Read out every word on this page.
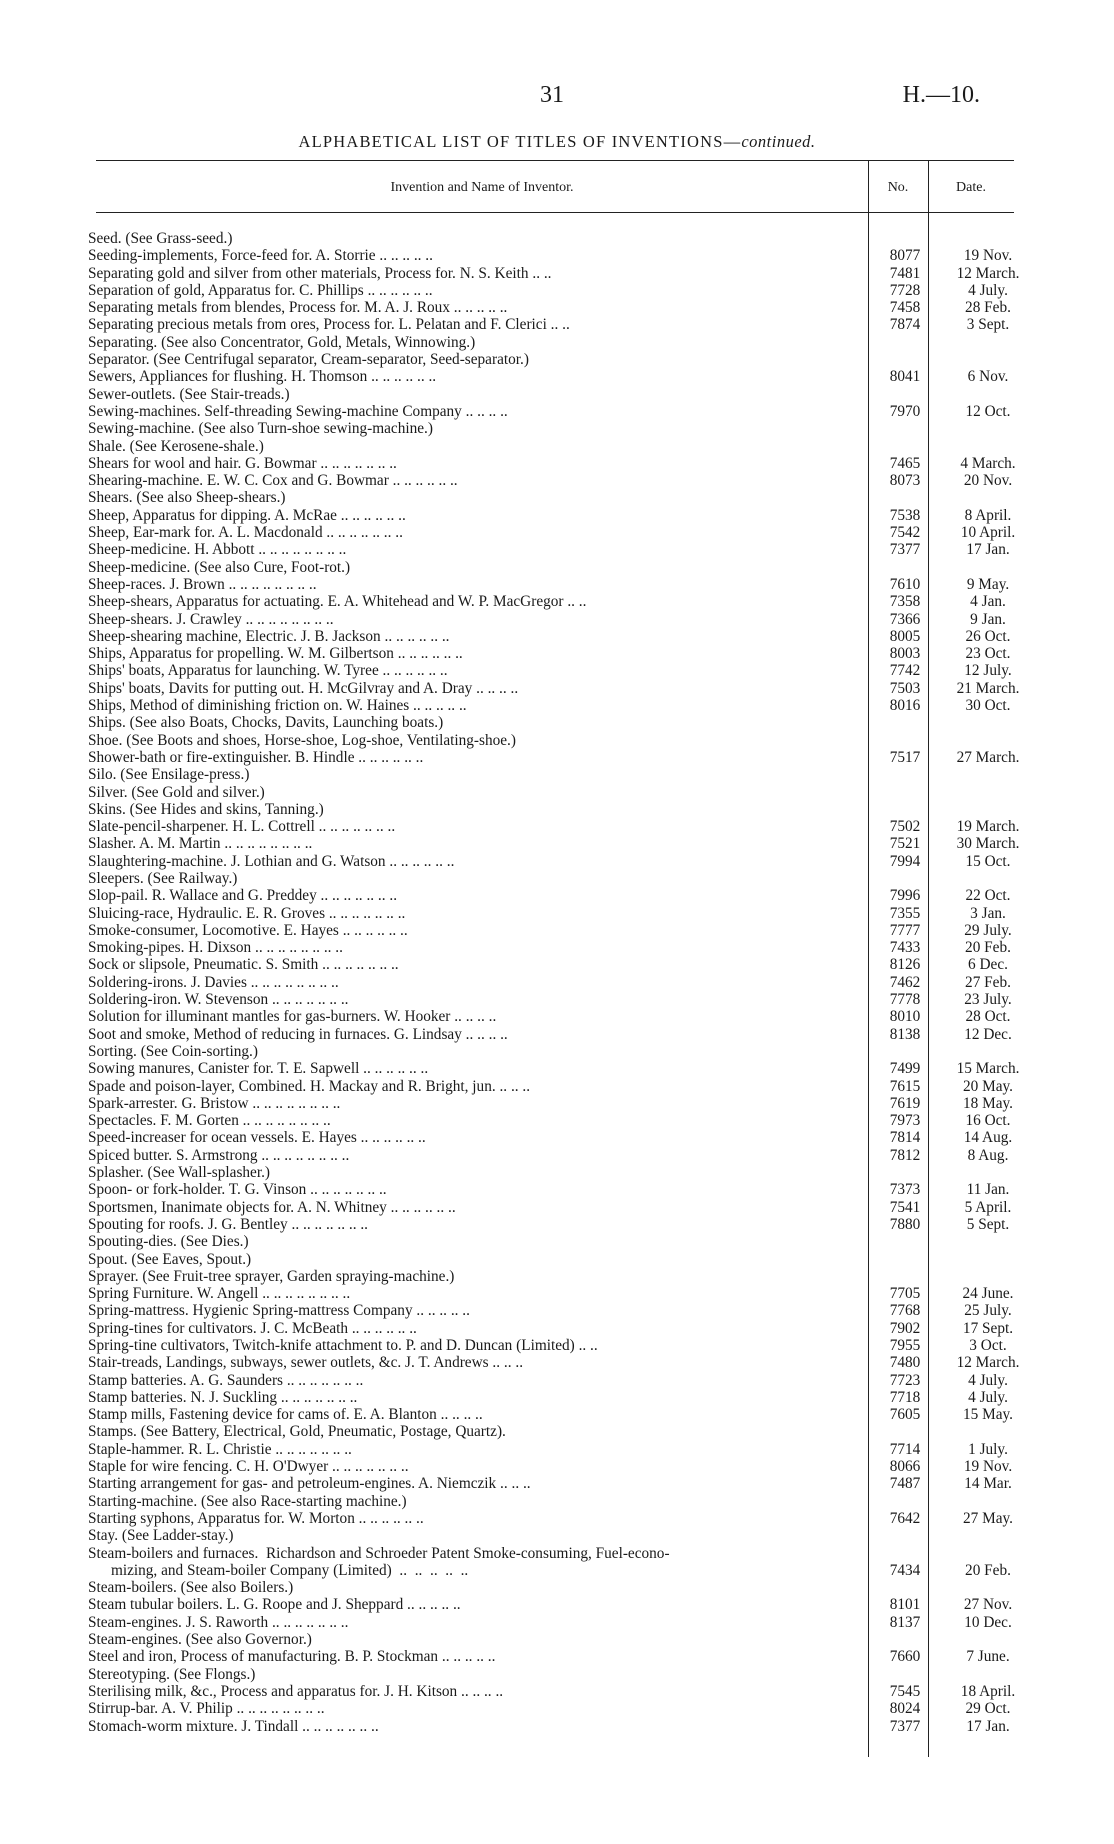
31	H.—10.
ALPHABETICAL LIST OF TITLES OF INVENTIONS—continued.
Invention and Name of Inventor.	No.	Date.
Seed. (See Grass-seed.)
Seeding-implements, Force-feed for. A. Storrie .. .. .. .. ..	8077	19 Nov.
Separating gold and silver from other materials, Process for. N. S. Keith .. ..	7481	12 March.
Separation of gold, Apparatus for. C. Phillips .. .. .. .. .. ..	7728	4 July.
Separating metals from blendes, Process for. M. A. J. Roux .. .. .. .. ..	7458	28 Feb.
Separating precious metals from ores, Process for. L. Pelatan and F. Clerici .. ..	7874	3 Sept.
Separating. (See also Concentrator, Gold, Metals, Winnowing.)
Separator. (See Centrifugal separator, Cream-separator, Seed-separator.)
Sewers, Appliances for flushing. H. Thomson .. .. .. .. .. ..	8041	6 Nov.
Sewer-outlets. (See Stair-treads.)
Sewing-machines. Self-threading Sewing-machine Company .. .. .. ..	7970	12 Oct.
Sewing-machine. (See also Turn-shoe sewing-machine.)
Shale. (See Kerosene-shale.)
Shears for wool and hair. G. Bowmar .. .. .. .. .. .. ..	7465	4 March.
Shearing-machine. E. W. C. Cox and G. Bowmar .. .. .. .. .. ..	8073	20 Nov.
Shears. (See also Sheep-shears.)
Sheep, Apparatus for dipping. A. McRae .. .. .. .. .. ..	7538	8 April.
Sheep, Ear-mark for. A. L. Macdonald .. .. .. .. .. .. ..	7542	10 April.
Sheep-medicine. H. Abbott .. .. .. .. .. .. .. ..	7377	17 Jan.
Sheep-medicine. (See also Cure, Foot-rot.)
Sheep-races. J. Brown .. .. .. .. .. .. .. ..	7610	9 May.
Sheep-shears, Apparatus for actuating. E. A. Whitehead and W. P. MacGregor .. ..	7358	4 Jan.
Sheep-shears. J. Crawley .. .. .. .. .. .. .. ..	7366	9 Jan.
Sheep-shearing machine, Electric. J. B. Jackson .. .. .. .. .. ..	8005	26 Oct.
Ships, Apparatus for propelling. W. M. Gilbertson .. .. .. .. .. ..	8003	23 Oct.
Ships' boats, Apparatus for launching. W. Tyree .. .. .. .. .. ..	7742	12 July.
Ships' boats, Davits for putting out. H. McGilvray and A. Dray .. .. .. ..	7503	21 March.
Ships, Method of diminishing friction on. W. Haines .. .. .. .. ..	8016	30 Oct.
Ships. (See also Boats, Chocks, Davits, Launching boats.)
Shoe. (See Boots and shoes, Horse-shoe, Log-shoe, Ventilating-shoe.)
Shower-bath or fire-extinguisher. B. Hindle .. .. .. .. .. ..	7517	27 March.
Silo. (See Ensilage-press.)
Silver. (See Gold and silver.)
Skins. (See Hides and skins, Tanning.)
Slate-pencil-sharpener. H. L. Cottrell .. .. .. .. .. .. ..	7502	19 March.
Slasher. A. M. Martin .. .. .. .. .. .. .. ..	7521	30 March.
Slaughtering-machine. J. Lothian and G. Watson .. .. .. .. .. ..	7994	15 Oct.
Sleepers. (See Railway.)
Slop-pail. R. Wallace and G. Preddey .. .. .. .. .. .. ..	7996	22 Oct.
Sluicing-race, Hydraulic. E. R. Groves .. .. .. .. .. .. ..	7355	3 Jan.
Smoke-consumer, Locomotive. E. Hayes .. .. .. .. .. ..	7777	29 July.
Smoking-pipes. H. Dixson .. .. .. .. .. .. .. ..	7433	20 Feb.
Sock or slipsole, Pneumatic. S. Smith .. .. .. .. .. .. ..	8126	6 Dec.
Soldering-irons. J. Davies .. .. .. .. .. .. .. ..	7462	27 Feb.
Soldering-iron. W. Stevenson .. .. .. .. .. .. ..	7778	23 July.
Solution for illuminant mantles for gas-burners. W. Hooker .. .. .. ..	8010	28 Oct.
Soot and smoke, Method of reducing in furnaces. G. Lindsay .. .. .. ..	8138	12 Dec.
Sorting. (See Coin-sorting.)
Sowing manures, Canister for. T. E. Sapwell .. .. .. .. .. ..	7499	15 March.
Spade and poison-layer, Combined. H. Mackay and R. Bright, jun. .. .. ..	7615	20 May.
Spark-arrester. G. Bristow .. .. .. .. .. .. .. ..	7619	18 May.
Spectacles. F. M. Gorten .. .. .. .. .. .. .. ..	7973	16 Oct.
Speed-increaser for ocean vessels. E. Hayes .. .. .. .. .. ..	7814	14 Aug.
Spiced butter. S. Armstrong .. .. .. .. .. .. .. ..	7812	8 Aug.
Splasher. (See Wall-splasher.)
Spoon- or fork-holder. T. G. Vinson .. .. .. .. .. .. ..	7373	11 Jan.
Sportsmen, Inanimate objects for. A. N. Whitney .. .. .. .. .. ..	7541	5 April.
Spouting for roofs. J. G. Bentley .. .. .. .. .. .. ..	7880	5 Sept.
Spouting-dies. (See Dies.)
Spout. (See Eaves, Spout.)
Sprayer. (See Fruit-tree sprayer, Garden spraying-machine.)
Spring Furniture. W. Angell .. .. .. .. .. .. .. ..	7705	24 June.
Spring-mattress. Hygienic Spring-mattress Company .. .. .. .. ..	7768	25 July.
Spring-tines for cultivators. J. C. McBeath .. .. .. .. .. ..	7902	17 Sept.
Spring-tine cultivators, Twitch-knife attachment to. P. and D. Duncan (Limited) .. ..	7955	3 Oct.
Stair-treads, Landings, subways, sewer outlets, &c. J. T. Andrews .. .. ..	7480	12 March.
Stamp batteries. A. G. Saunders .. .. .. .. .. .. ..	7723	4 July.
Stamp batteries. N. J. Suckling .. .. .. .. .. .. ..	7718	4 July.
Stamp mills, Fastening device for cams of. E. A. Blanton .. .. .. ..	7605	15 May.
Stamps. (See Battery, Electrical, Gold, Pneumatic, Postage, Quartz).
Staple-hammer. R. L. Christie .. .. .. .. .. .. ..	7714	1 July.
Staple for wire fencing. C. H. O'Dwyer .. .. .. .. .. .. ..	8066	19 Nov.
Starting arrangement for gas- and petroleum-engines. A. Niemczik .. .. ..	7487	14 Mar.
Starting-machine. (See also Race-starting machine.)
Starting syphons, Apparatus for. W. Morton .. .. .. .. .. ..	7642	27 May.
Stay. (See Ladder-stay.)
Steam-boilers and furnaces.  Richardson and Schroeder Patent Smoke-consuming, Fuel-econo-
mizing, and Steam-boiler Company (Limited)  ..  ..  ..  ..  ..	7434	20 Feb.
Steam-boilers. (See also Boilers.)
Steam tubular boilers. L. G. Roope and J. Sheppard .. .. .. .. ..	8101	27 Nov.
Steam-engines. J. S. Raworth .. .. .. .. .. .. ..	8137	10 Dec.
Steam-engines. (See also Governor.)
Steel and iron, Process of manufacturing. B. P. Stockman .. .. .. .. ..	7660	7 June.
Stereotyping. (See Flongs.)
Sterilising milk, &c., Process and apparatus for. J. H. Kitson .. .. .. ..	7545	18 April.
Stirrup-bar. A. V. Philip .. .. .. .. .. .. .. ..	8024	29 Oct.
Stomach-worm mixture. J. Tindall .. .. .. .. .. .. ..	7377	17 Jan.
